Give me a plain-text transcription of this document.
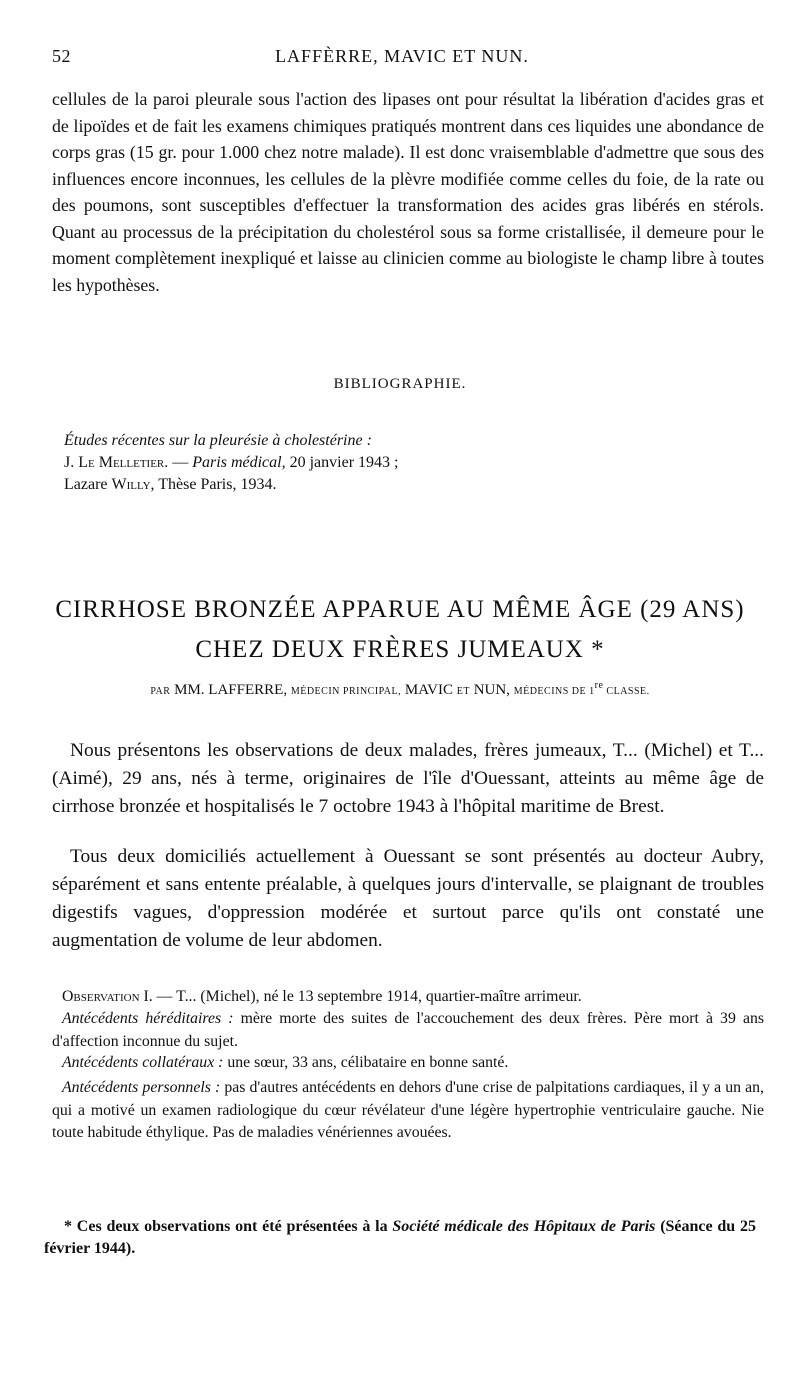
52	LAFFÈRRE, MAVIC ET NUN.

cellules de la paroi pleurale sous l'action des lipases ont pour résultat la libération d'acides gras et de lipoïdes et de fait les examens chimiques pratiqués montrent dans ces liquides une abondance de corps gras (15 gr. pour 1.000 chez notre malade). Il est donc vraisemblable d'admettre que sous des influences encore inconnues, les cellules de la plèvre modifiée comme celles du foie, de la rate ou des poumons, sont susceptibles d'effectuer la transformation des acides gras libérés en stérols. Quant au processus de la précipitation du cholestérol sous sa forme cristallisée, il demeure pour le moment complètement inexpliqué et laisse au clinicien comme au biologiste le champ libre à toutes les hypothèses.

BIBLIOGRAPHIE.
Études récentes sur la pleurésie à cholestérine :
J. Le Melletier. — Paris médical, 20 janvier 1943 ;
Lazare Willy, Thèse Paris, 1934.
CIRRHOSE BRONZÉE APPARUE AU MÊME ÂGE (29 ANS)
CHEZ DEUX FRÈRES JUMEAUX *
PAR MM. LAFFERRE, MÉDECIN PRINCIPAL, MAVIC ET NUN, MÉDECINS DE 1re CLASSE.

Nous présentons les observations de deux malades, frères jumeaux, T... (Michel) et T... (Aimé), 29 ans, nés à terme, originaires de l'île d'Ouessant, atteints au même âge de cirrhose bronzée et hospitalisés le 7 octobre 1943 à l'hôpital maritime de Brest.

Tous deux domiciliés actuellement à Ouessant se sont présentés au docteur Aubry, séparément et sans entente préalable, à quelques jours d'intervalle, se plaignant de troubles digestifs vagues, d'oppression modérée et surtout parce qu'ils ont constaté une augmentation de volume de leur abdomen.

Observation I. — T... (Michel), né le 13 septembre 1914, quartier-maître arrimeur.

Antécédents héréditaires : mère morte des suites de l'accouchement des deux frères. Père mort à 39 ans d'affection inconnue du sujet.

Antécédents collatéraux : une sœur, 33 ans, célibataire en bonne santé.

Antécédents personnels : pas d'autres antécédents en dehors d'une crise de palpitations cardiaques, il y a un an, qui a motivé un examen radiologique du cœur révélateur d'une légère hypertrophie ventriculaire gauche. Nie toute habitude éthylique. Pas de maladies vénériennes avouées.

* Ces deux observations ont été présentées à la Société médicale des Hôpitaux de Paris (Séance du 25 février 1944).
